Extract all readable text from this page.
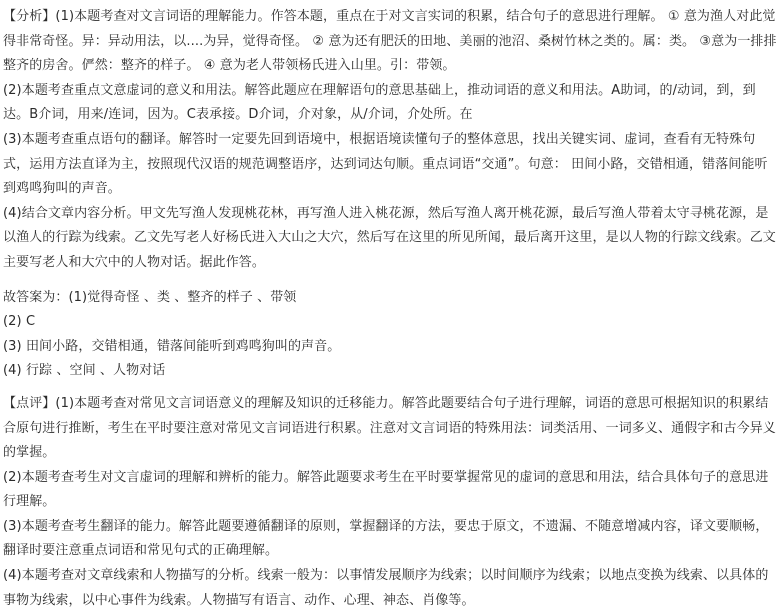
【分析】(1)本题考查对文言词语的理解能力。作答本题，重点在于对文言实词的积累，结合句子的意思进行理解。 ① 意为渔人对此觉得非常奇怪。异：异动用法，以....为异，觉得奇怪。 ② 意为还有肥沃的田地、美丽的池沼、桑树竹林之类的。属：类。 ③意为一排排整齐的房舍。俨然：整齐的样子。 ④ 意为老人带领杨氏进入山里。引：带领。

(2)本题考查重点文意虚词的意义和用法。解答此题应在理解语句的意思基础上，推动词语的意义和用法。A助词，的/动词，到，到达。B介词，用来/连词，因为。C表承接。D介词，介对象，从/介词，介处所。在

(3)本题考查重点语句的翻译。解答时一定要先回到语境中，根据语境读懂句子的整体意思，找出关键实词、虚词，查看有无特殊句式，运用方法直译为主，按照现代汉语的规范调整语序，达到词达句顺。重点词语“交通”。句意： 田间小路，交错相通，错落间能听到鸡鸣狗叫的声音。

(4)结合文章内容分析。甲文先写渔人发现桃花林，再写渔人进入桃花源，然后写渔人离开桃花源，最后写渔人带着太守寻桃花源，是以渔人的行踪为线索。乙文先写老人好杨氏进入大山之大穴，然后写在这里的所见所闻，最后离开这里，是以人物的行踪文线索。乙文主要写老人和大穴中的人物对话。据此作答。

故答案为：(1)觉得奇怪 、类 、整齐的样子 、带领

(2) C

(3) 田间小路，交错相通，错落间能听到鸡鸣狗叫的声音。

(4) 行踪 、空间 、人物对话

【点评】(1)本题考查对常见文言词语意义的理解及知识的迁移能力。解答此题要结合句子进行理解，词语的意思可根据知识的积累结合原句进行推断，考生在平时要注意对常见文言词语进行积累。注意对文言词语的特殊用法：词类活用、一词多义、通假字和古今异义的掌握。

(2)本题考查考生对文言虚词的理解和辨析的能力。解答此题要求考生在平时要掌握常见的虚词的意思和用法，结合具体句子的意思进行理解。

(3)本题考查考生翻译的能力。解答此题要遵循翻译的原则，掌握翻译的方法，要忠于原文，不遗漏、不随意增减内容，译文要顺畅，翻译时要注意重点词语和常见句式的正确理解。

(4)本题考查对文章线索和人物描写的分析。线索一般为：以事情发展顺序为线索；以时间顺序为线索；以地点变换为线索、以具体的事物为线索，以中心事件为线索。人物描写有语言、动作、心理、神态、肖像等。
